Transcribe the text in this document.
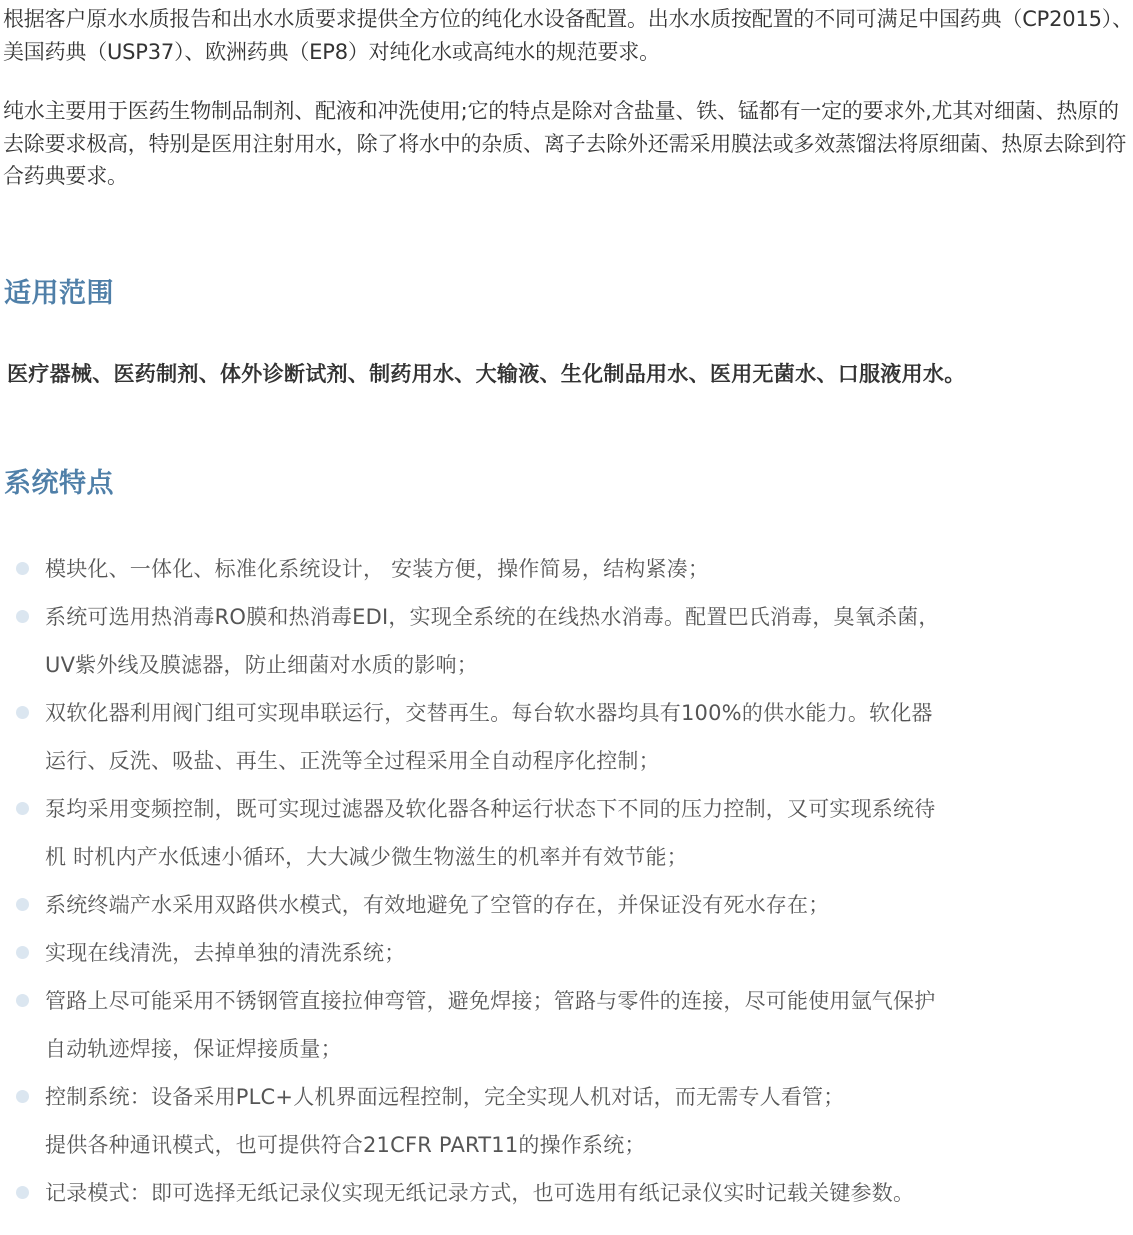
根据客户原水水质报告和出水水质要求提供全方位的纯化水设备配置。出水水质按配置的不同可满足中国药典（CP2015）、美国药典（USP37）、欧洲药典（EP8）对纯化水或高纯水的规范要求。

纯水主要用于医药生物制品制剂、配液和冲洗使用;它的特点是除对含盐量、铁、锰都有一定的要求外,尤其对细菌、热原的去除要求极高，特别是医用注射用水，除了将水中的杂质、离子去除外还需采用膜法或多效蒸馏法将原细菌、热原去除到符合药典要求。

适用范围

医疗器械、医药制剂、体外诊断试剂、制药用水、大输液、生化制品用水、医用无菌水、口服液用水。

系统特点
模块化、一体化、标准化系统设计， 安装方便，操作简易，结构紧凑；
系统可选用热消毒RO膜和热消毒EDI，实现全系统的在线热水消毒。配置巴氏消毒，臭氧杀菌，
UV紫外线及膜滤器，防止细菌对水质的影响；
双软化器利用阀门组可实现串联运行，交替再生。每台软水器均具有100%的供水能力。软化器
运行、反洗、吸盐、再生、正洗等全过程采用全自动程序化控制；
泵均采用变频控制，既可实现过滤器及软化器各种运行状态下不同的压力控制，又可实现系统待
机 时机内产水低速小循环，大大减少微生物滋生的机率并有效节能；
系统终端产水采用双路供水模式，有效地避免了空管的存在，并保证没有死水存在；
实现在线清洗，去掉单独的清洗系统；
管路上尽可能采用不锈钢管直接拉伸弯管，避免焊接；管路与零件的连接，尽可能使用氩气保护
自动轨迹焊接，保证焊接质量；
控制系统：设备采用PLC+人机界面远程控制，完全实现人机对话，而无需专人看管；
提供各种通讯模式，也可提供符合21CFR PART11的操作系统；
记录模式：即可选择无纸记录仪实现无纸记录方式，也可选用有纸记录仪实时记载关键参数。
